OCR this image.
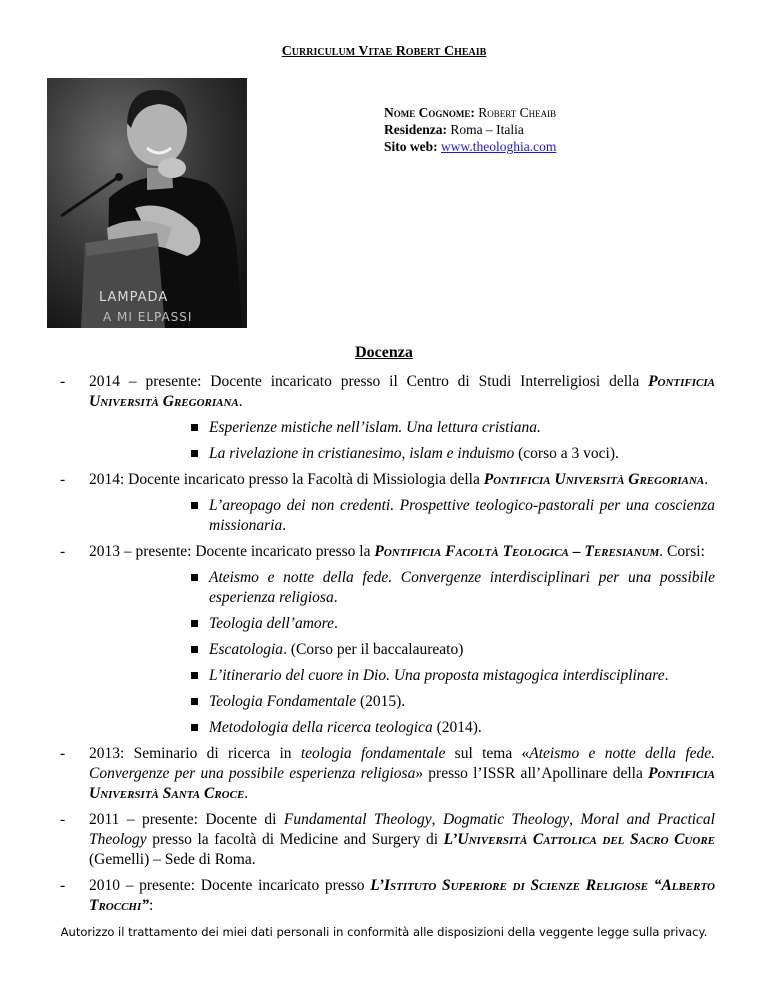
Curriculum Vitae Robert Cheaib
LAMPADA
A MI ELPASSI
Nome Cognome: Robert Cheaib
Residenza: Roma – Italia
Sito web: www.theologhia.com
Docenza
- 2014 – presente: Docente incaricato presso il Centro di Studi Interreligiosi della Pontificia Università Gregoriana.
Esperienze mistiche nell’islam. Una lettura cristiana.
La rivelazione in cristianesimo, islam e induismo (corso a 3 voci).
- 2014: Docente incaricato presso la Facoltà di Missiologia della Pontificia Università Gregoriana.
L’areopago dei non credenti. Prospettive teologico-pastorali per una coscienza missionaria.
- 2013 – presente: Docente incaricato presso la Pontificia Facoltà Teologica – Teresianum. Corsi:
Ateismo e notte della fede. Convergenze interdisciplinari per una possibile esperienza religiosa.
Teologia dell’amore.
Escatologia. (Corso per il baccalaureato)
L’itinerario del cuore in Dio. Una proposta mistagogica interdisciplinare.
Teologia Fondamentale (2015).
Metodologia della ricerca teologica (2014).
- 2013: Seminario di ricerca in teologia fondamentale sul tema «Ateismo e notte della fede. Convergenze per una possibile esperienza religiosa» presso l’ISSR all’Apollinare della Pontificia Università Santa Croce.
- 2011 – presente: Docente di Fundamental Theology, Dogmatic Theology, Moral and Practical Theology presso la facoltà di Medicine and Surgery di L’Università Cattolica del Sacro Cuore (Gemelli) – Sede di Roma.
- 2010 – presente: Docente incaricato presso L’Istituto Superiore di Scienze Religiose “Alberto Trocchi”:
Autorizzo il trattamento dei miei dati personali in conformità alle disposizioni della veggente legge sulla privacy.
